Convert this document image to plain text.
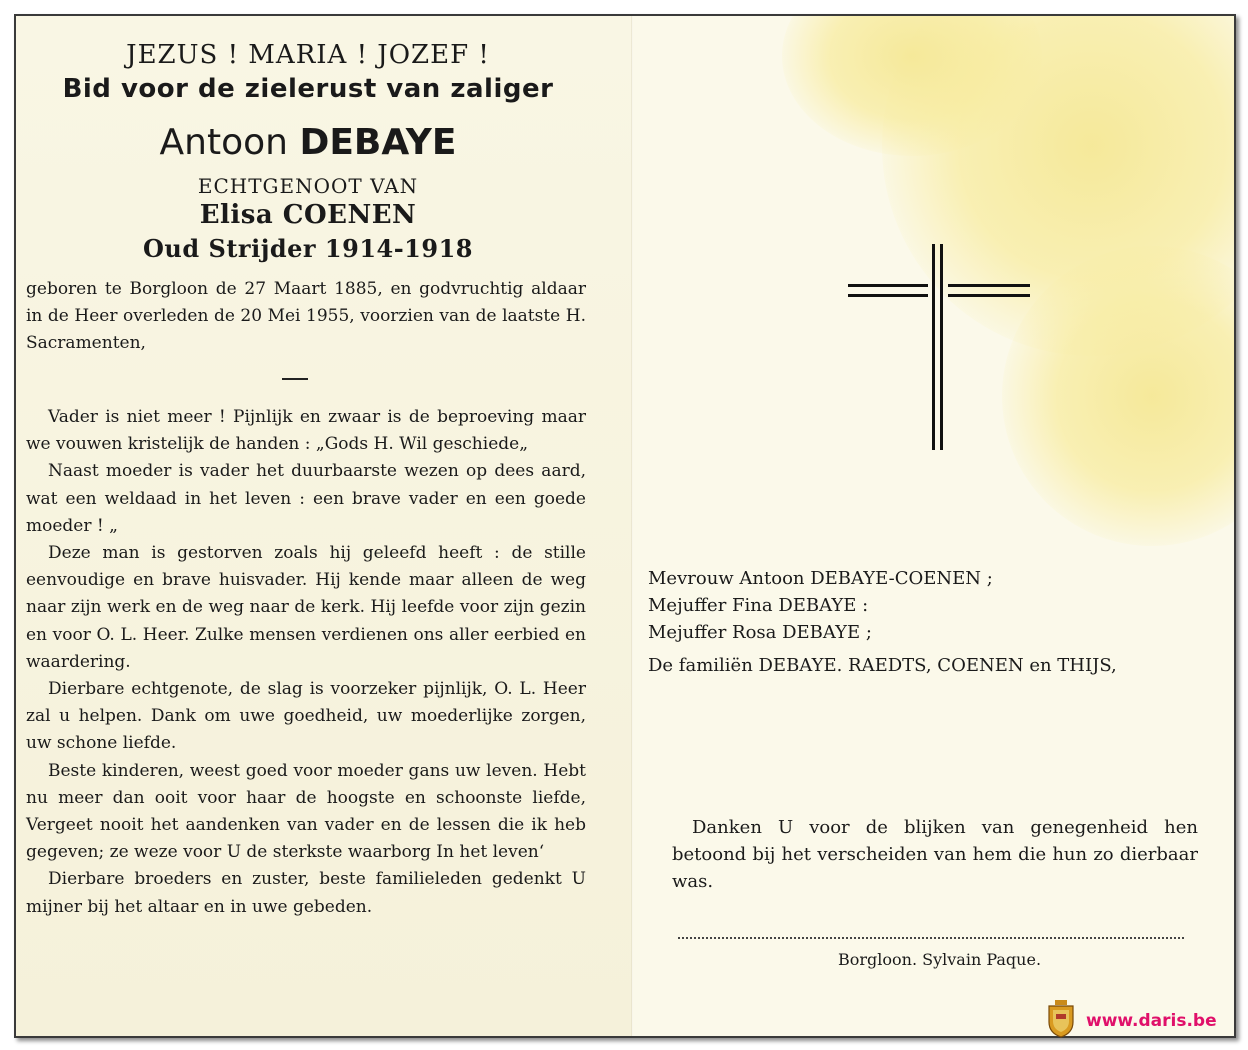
JEZUS ! MARIA ! JOZEF !
Bid voor de zielerust van zaliger
Antoon DEBAYE
ECHTGENOOT VAN
Elisa COENEN
Oud Strijder 1914-1918

geboren te Borgloon de 27 Maart 1885, en godvruchtig aldaar in de Heer overleden de 20 Mei 1955, voorzien van de laatste H. Sacramenten,

Vader is niet meer ! Pijnlijk en zwaar is de beproeving maar we vouwen kristelijk de handen : „Gods H. Wil geschiede„

Naast moeder is vader het duurbaarste wezen op dees aard, wat een weldaad in het leven : een brave vader en een goede moeder ! „

Deze man is gestorven zoals hij geleefd heeft : de stille eenvoudige en brave huisvader. Hij kende maar alleen de weg naar zijn werk en de weg naar de kerk. Hij leefde voor zijn gezin en voor O. L. Heer. Zulke mensen verdienen ons aller eerbied en waardering.

Dierbare echtgenote, de slag is voorzeker pijnlijk, O. L. Heer zal u helpen. Dank om uwe goedheid, uw moederlijke zorgen, uw schone liefde.

Beste kinderen, weest goed voor moeder gans uw leven. Hebt nu meer dan ooit voor haar de hoogste en schoonste liefde, Vergeet nooit het aandenken van vader en de lessen die ik heb gegeven; ze weze voor U de sterkste waarborg In het leven‘

Dierbare broeders en zuster, beste familieleden gedenkt U mijner bij het altaar en in uwe gebeden.

Mevrouw Antoon DEBAYE-COENEN ;
Mejuffer Fina DEBAYE :
Mejuffer Rosa DEBAYE ;
De familiën DEBAYE. RAEDTS, COENEN en THIJS,

Danken U voor de blijken van genegenheid hen betoond bij het verscheiden van hem die hun zo dierbaar was.

Borgloon. Sylvain Paque.
www.daris.be
